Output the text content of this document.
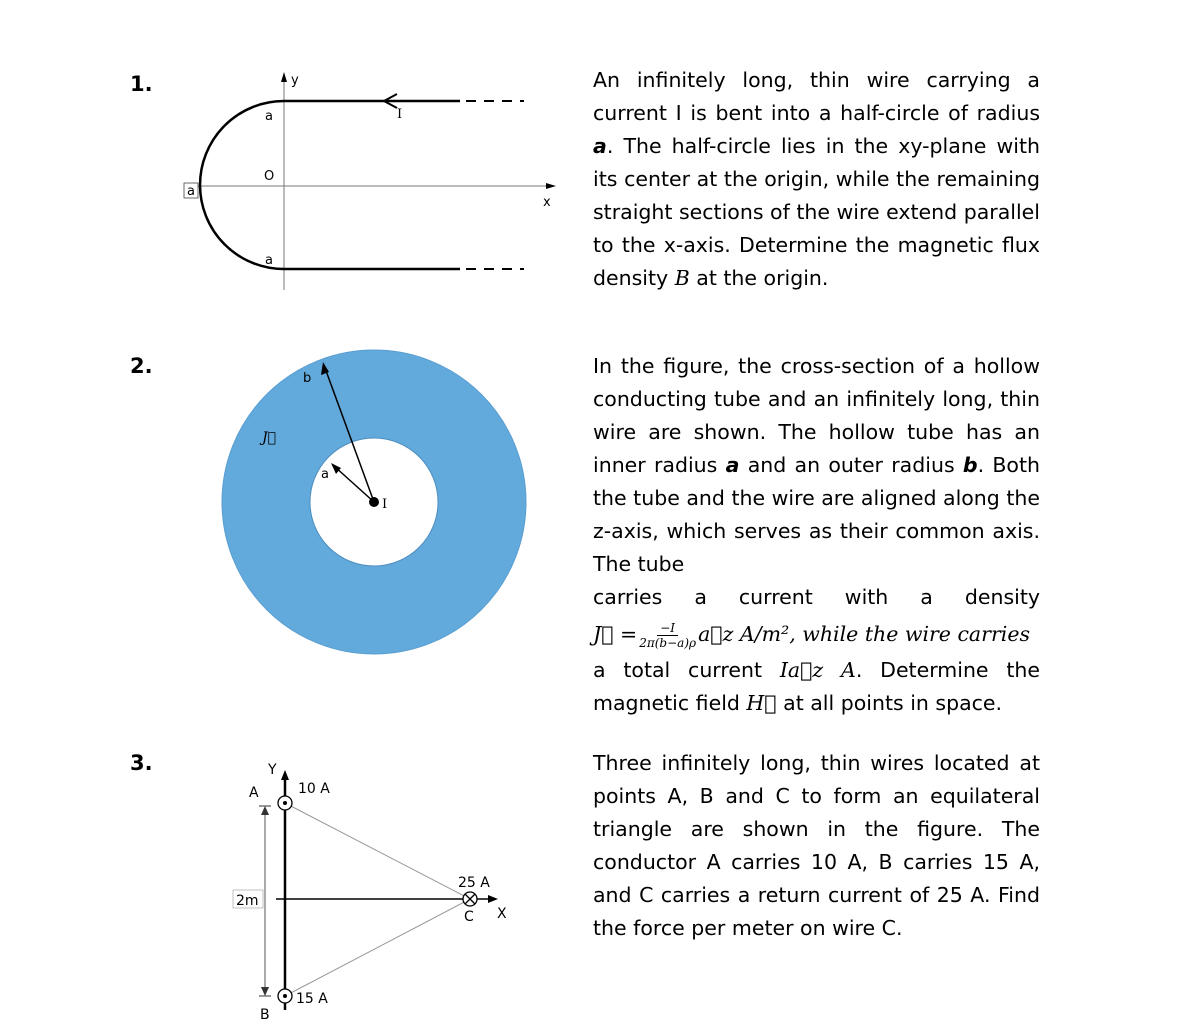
1.	y
x
I
a
O
a
a
An infinitely long, thin wire carrying a current I is bent into a half-circle of radius a. The half-circle lies in the xy-plane with its center at the origin, while the remaining straight sections of the wire extend parallel to the x-axis. Determine the magnetic flux density B at the origin.
2.
b
a
I
J⃗
In the figure, the cross-section of a hollow conducting tube and an infinitely long, thin wire are shown. The hollow tube has an inner radius a and an outer radius b. Both the tube and the wire are aligned along the z-axis, which serves as their common axis. The tube
carries a current with a density
J⃗ = $\frac{-I}{2\pi(b-a)\rho}$ a⃗z A/m², while the wire carries
a total current Ia⃗z A. Determine the magnetic field H⃗ at all points in space.
3.	Y
X
2m
A	10 A
B
15 A
C
25 A
Three infinitely long, thin wires located at points A, B and C to form an equilateral triangle are shown in the figure. The conductor A carries 10 A, B carries 15 A, and C carries a return current of 25 A. Find the force per meter on wire C.
